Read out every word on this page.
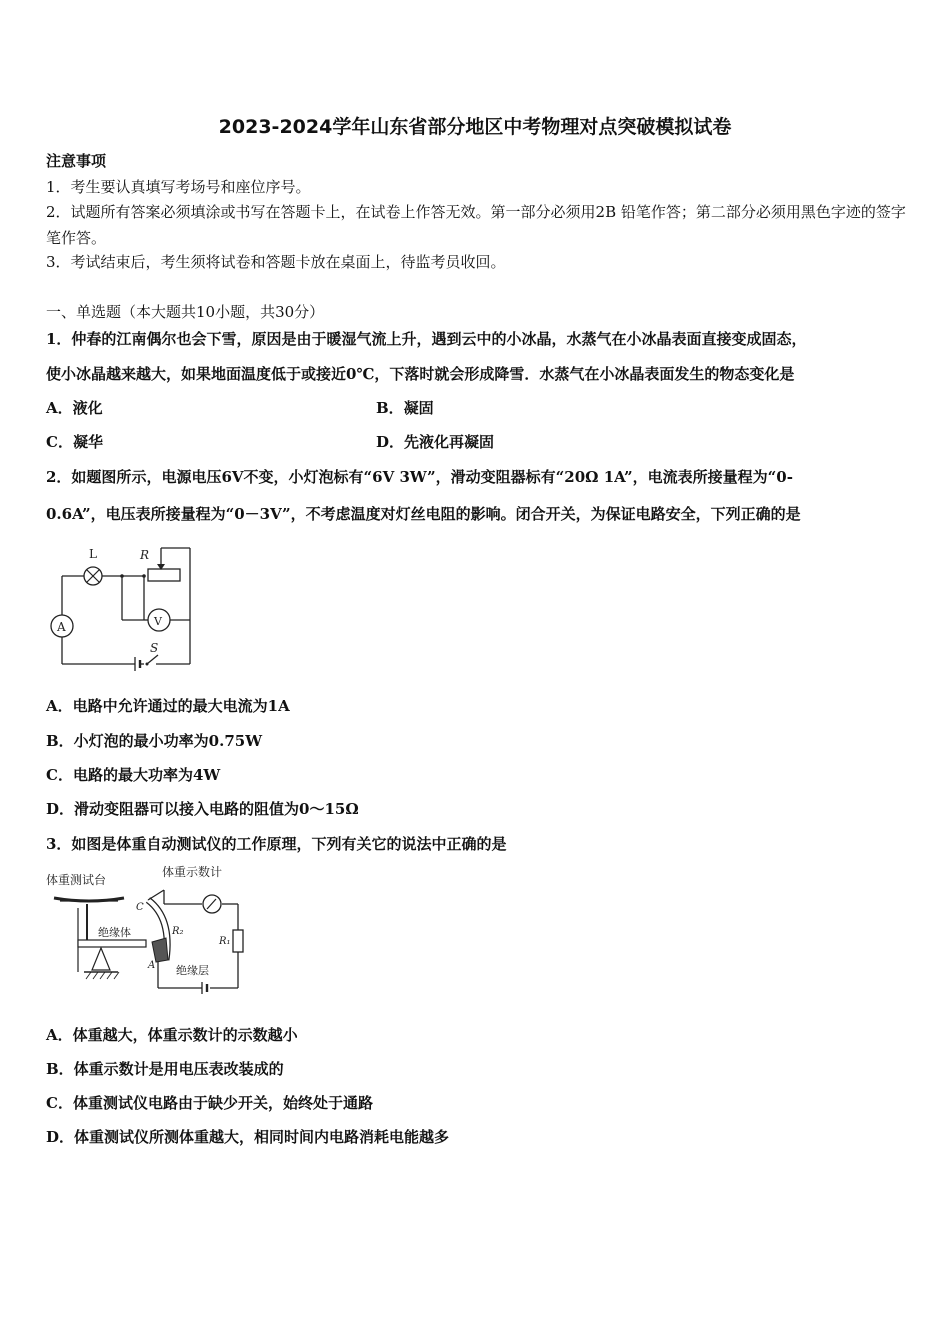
2023-2024学年山东省部分地区中考物理对点突破模拟试卷
注意事项
1．考生要认真填写考场号和座位序号。
2．试题所有答案必须填涂或书写在答题卡上，在试卷上作答无效。第一部分必须用2B 铅笔作答；第二部分必须用黑色字迹的签字笔作答。
3．考试结束后，考生须将试卷和答题卡放在桌面上，待监考员收回。
一、单选题（本大题共10小题，共30分）
1．仲春的江南偶尔也会下雪，原因是由于暖湿气流上升，遇到云中的小冰晶，水蒸气在小冰晶表面直接变成固态，
使小冰晶越来越大，如果地面温度低于或接近0℃，下落时就会形成降雪．水蒸气在小冰晶表面发生的物态变化是
A．液化	B．凝固
C．凝华	D．先液化再凝固
2．如题图所示，电源电压6V不变，小灯泡标有“6V 3W”，滑动变阻器标有“20Ω 1A”，电流表所接量程为“0-
0.6A”，电压表所接量程为“0－3V”，不考虑温度对灯丝电阻的影响。闭合开关，为保证电路安全，下列正确的是
L	R
A	V
S
A．电路中允许通过的最大电流为1A
B．小灯泡的最小功率为0.75W
C．电路的最大功率为4W
D．滑动变阻器可以接入电路的阻值为0～15Ω
3．如图是体重自动测试仪的工作原理，下列有关它的说法中正确的是
体重测试台
体重示数计
绝缘体
绝缘层
R₂
R₁
C
A
A．体重越大，体重示数计的示数越小
B．体重示数计是用电压表改装成的
C．体重测试仪电路由于缺少开关，始终处于通路
D．体重测试仪所测体重越大，相同时间内电路消耗电能越多
